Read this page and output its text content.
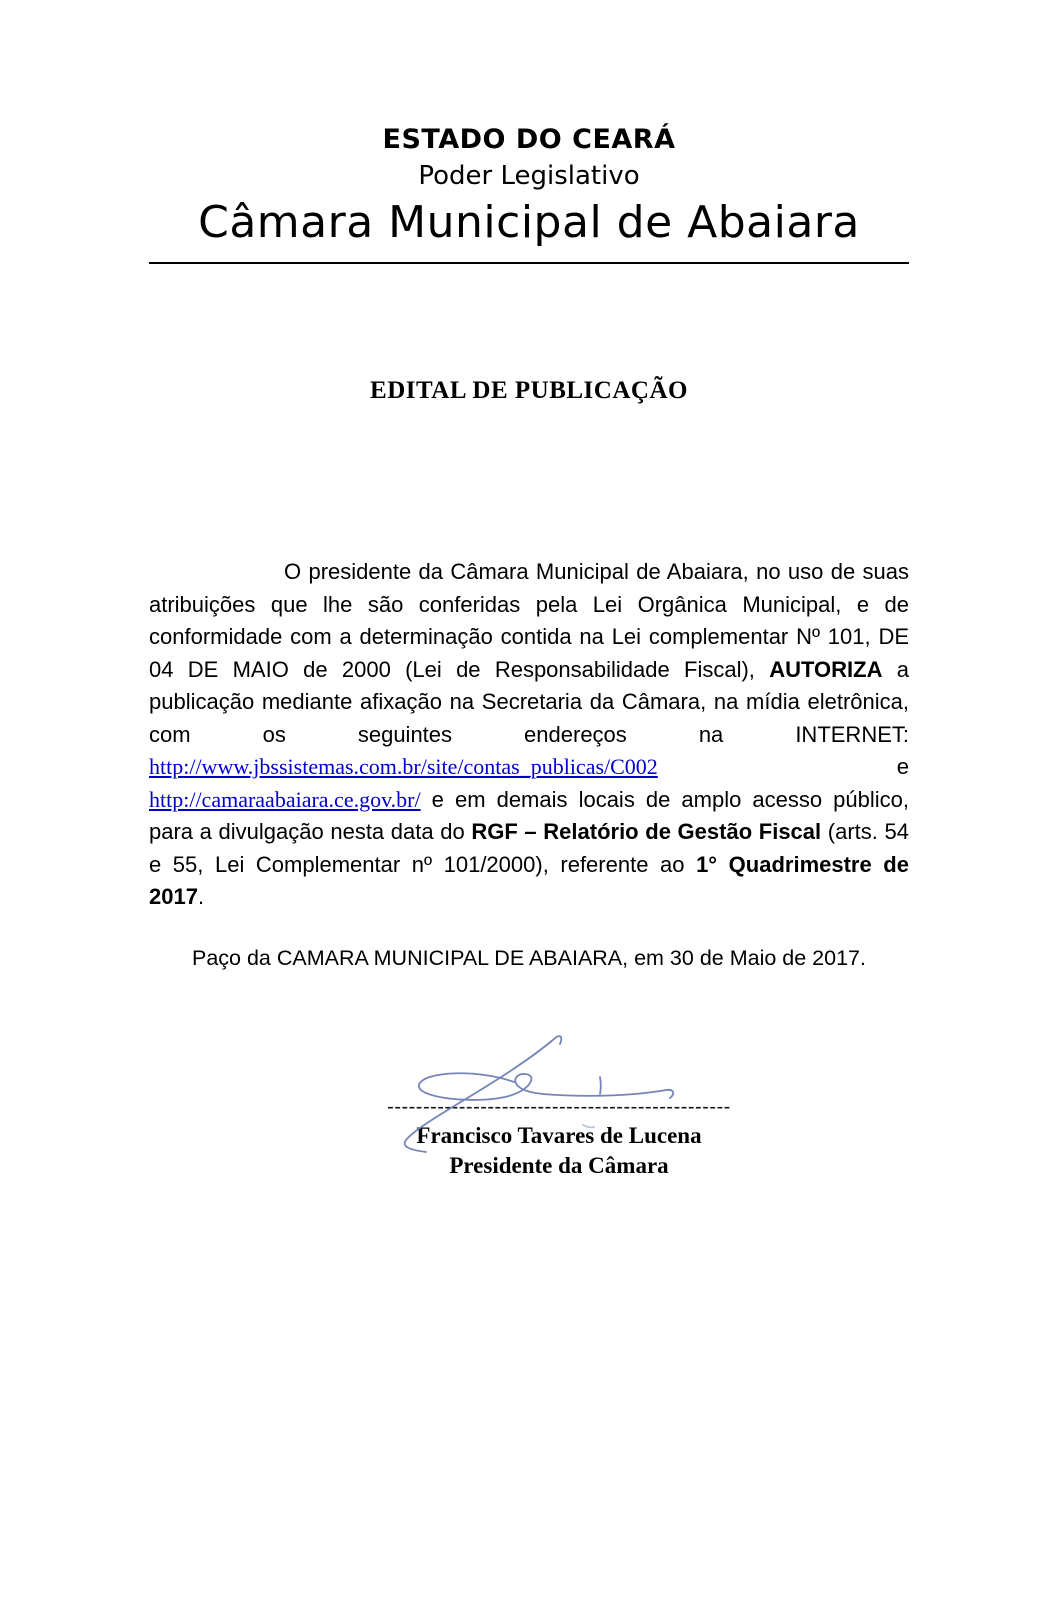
ESTADO DO CEARÁ
Poder Legislativo
Câmara Municipal de Abaiara
EDITAL DE PUBLICAÇÃO

O presidente da Câmara Municipal de Abaiara, no uso de suas atribuições que lhe são conferidas pela Lei Orgânica Municipal, e de conformidade com a determinação contida na Lei complementar Nº 101, DE 04 DE MAIO de 2000 (Lei de Responsabilidade Fiscal), AUTORIZA a publicação mediante afixação na Secretaria da Câmara, na mídia eletrônica, com os seguintes endereços na INTERNET: http://www.jbssistemas.com.br/site/contas_publicas/C002 e http://camaraabaiara.ce.gov.br/ e em demais locais de amplo acesso público, para a divulgação nesta data do RGF – Relatório de Gestão Fiscal (arts. 54 e 55, Lei Complementar nº 101/2000), referente ao 1° Quadrimestre de 2017.

Paço da CAMARA MUNICIPAL DE ABAIARA, em 30 de Maio de 2017.
------------------------------------------------
Francisco Tavares de Lucena
Presidente da Câmara
